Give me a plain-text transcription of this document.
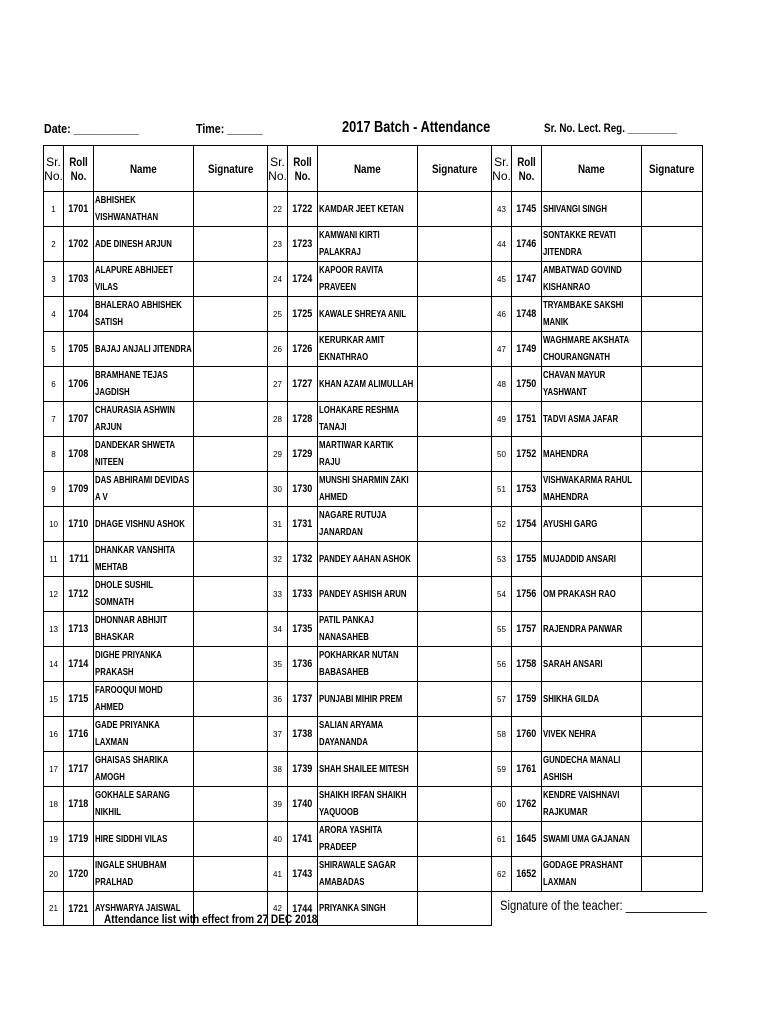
Date: ___________	Time: ______	2017 Batch - Attendance	Sr. No. Lect. Reg. _________
Sr. No.	Roll No.	Name	Signature	Sr. No.	Roll No.	Name	Signature	Sr. No.	Roll No.	Name	Signature
1	1701	ABHISHEK VISHWANATHAN		22	1722	KAMDAR JEET KETAN		43	1745	SHIVANGI SINGH	
2	1702	ADE DINESH ARJUN		23	1723	KAMWANI KIRTI PALAKRAJ		44	1746	SONTAKKE REVATI JITENDRA	
3	1703	ALAPURE ABHIJEET VILAS		24	1724	KAPOOR RAVITA PRAVEEN		45	1747	AMBATWAD GOVIND KISHANRAO	
4	1704	BHALERAO ABHISHEK SATISH		25	1725	KAWALE SHREYA ANIL		46	1748	TRYAMBAKE SAKSHI MANIK	
5	1705	BAJAJ ANJALI JITENDRA		26	1726	KERURKAR AMIT EKNATHRAO		47	1749	WAGHMARE AKSHATA CHOURANGNATH	
6	1706	BRAMHANE TEJAS JAGDISH		27	1727	KHAN AZAM ALIMULLAH		48	1750	CHAVAN MAYUR YASHWANT	
7	1707	CHAURASIA ASHWIN ARJUN		28	1728	LOHAKARE RESHMA TANAJI		49	1751	TADVI ASMA JAFAR	
8	1708	DANDEKAR SHWETA NITEEN		29	1729	MARTIWAR KARTIK RAJU		50	1752	MAHENDRA	
9	1709	DAS ABHIRAMI DEVIDAS A V		30	1730	MUNSHI SHARMIN ZAKI AHMED		51	1753	VISHWAKARMA RAHUL MAHENDRA	
10	1710	DHAGE VISHNU ASHOK		31	1731	NAGARE RUTUJA JANARDAN		52	1754	AYUSHI GARG	
11	1711	DHANKAR VANSHITA MEHTAB		32	1732	PANDEY AAHAN ASHOK		53	1755	MUJADDID ANSARI	
12	1712	DHOLE SUSHIL SOMNATH		33	1733	PANDEY ASHISH ARUN		54	1756	OM PRAKASH RAO	
13	1713	DHONNAR ABHIJIT BHASKAR		34	1735	PATIL PANKAJ NANASAHEB		55	1757	RAJENDRA PANWAR	
14	1714	DIGHE PRIYANKA PRAKASH		35	1736	POKHARKAR NUTAN BABASAHEB		56	1758	SARAH ANSARI	
15	1715	FAROOQUI MOHD AHMED		36	1737	PUNJABI MIHIR PREM		57	1759	SHIKHA GILDA	
16	1716	GADE PRIYANKA LAXMAN		37	1738	SALIAN ARYAMA DAYANANDA		58	1760	VIVEK NEHRA	
17	1717	GHAISAS SHARIKA AMOGH		38	1739	SHAH SHAILEE MITESH		59	1761	GUNDECHA MANALI ASHISH	
18	1718	GOKHALE SARANG NIKHIL		39	1740	SHAIKH IRFAN SHAIKH YAQUOOB		60	1762	KENDRE VAISHNAVI RAJKUMAR	
19	1719	HIRE SIDDHI VILAS		40	1741	ARORA YASHITA PRADEEP		61	1645	SWAMI UMA GAJANAN	
20	1720	INGALE SHUBHAM PRALHAD		41	1743	SHIRAWALE SAGAR AMABADAS		62	1652	GODAGE PRASHANT LAXMAN	
21	1721	AYSHWARYA JAISWAL		42	1744	PRIYANKA SINGH						Signature of the teacher: _____________
Attendance list with effect from 27 DEC 2018
